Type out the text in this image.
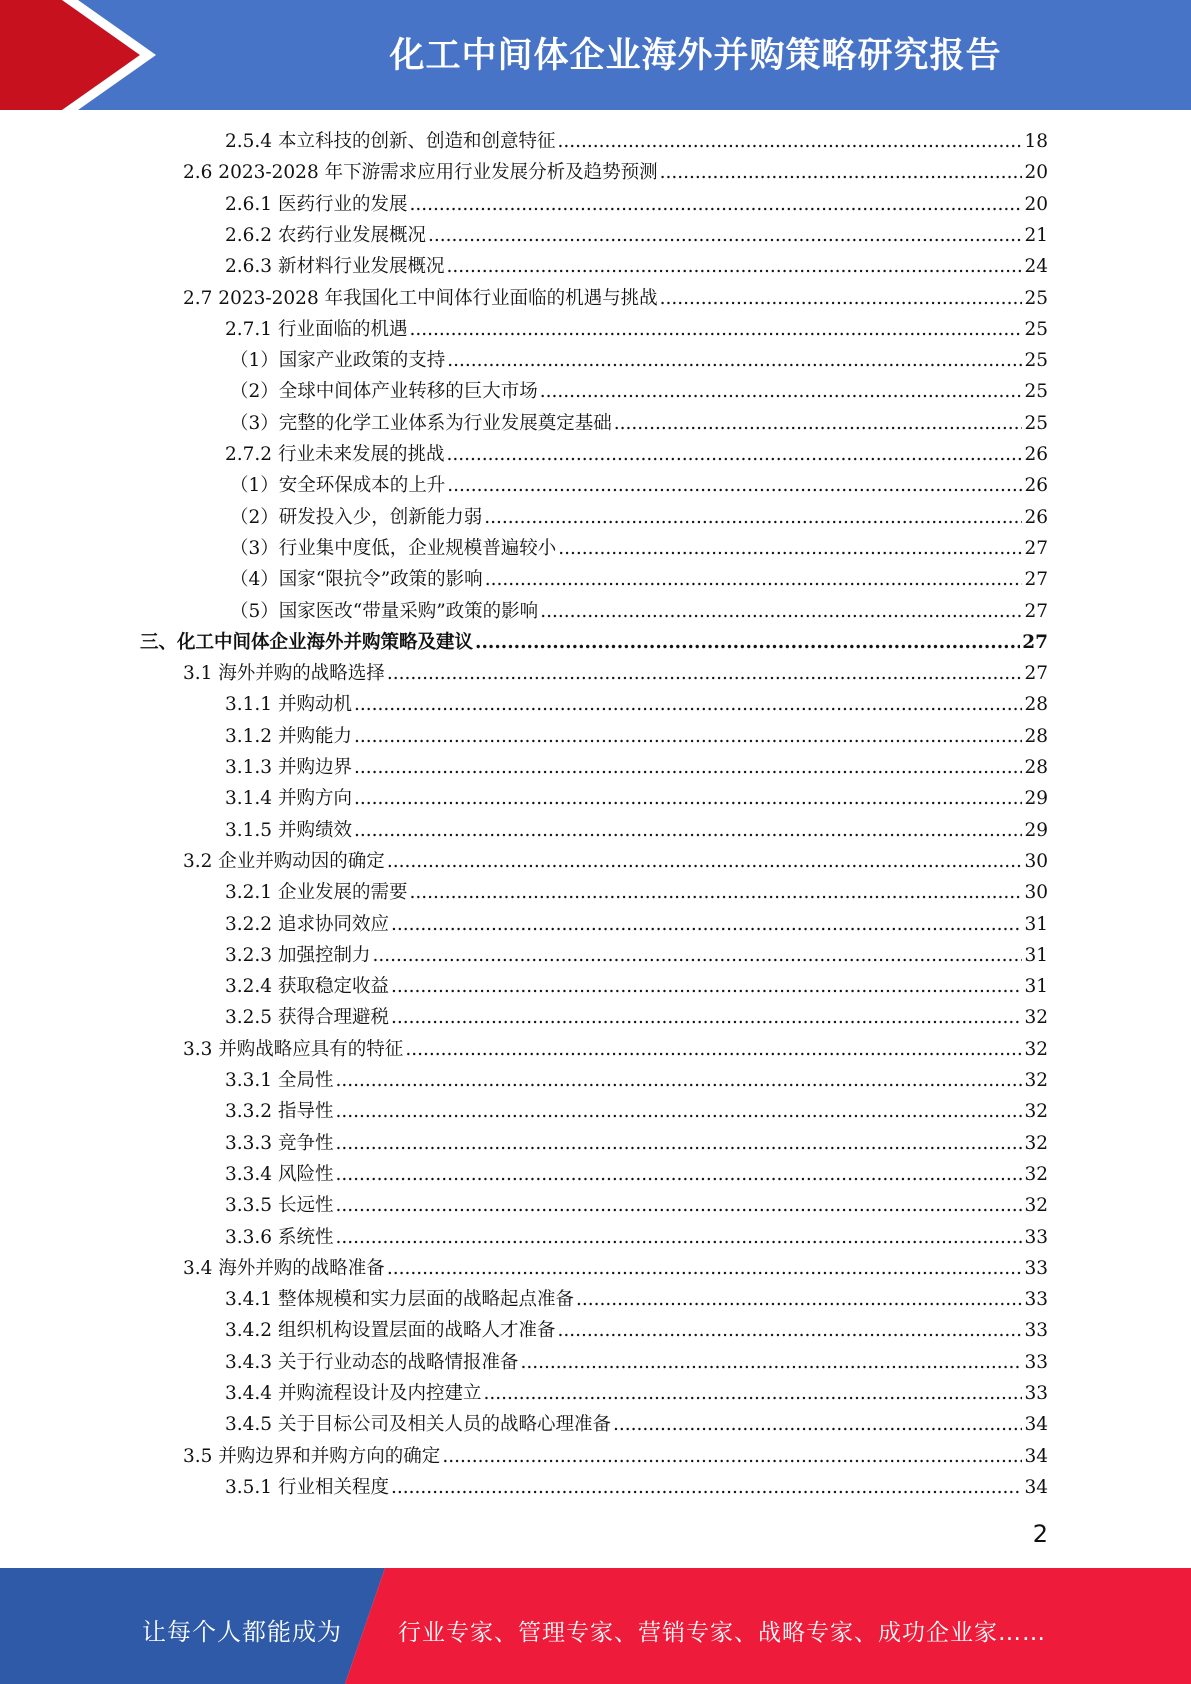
化工中间体企业海外并购策略研究报告
2.5.4 本立科技的创新、创造和创意特征 .....	18
2.6 2023-2028 年下游需求应用行业发展分析及趋势预测 .....	20
2.6.1 医药行业的发展 .....	20
2.6.2 农药行业发展概况 .....	21
2.6.3 新材料行业发展概况 .....	24
2.7 2023-2028 年我国化工中间体行业面临的机遇与挑战 .....	25
2.7.1 行业面临的机遇 .....	25
（1）国家产业政策的支持 .....	25
（2）全球中间体产业转移的巨大市场 .....	25
（3）完整的化学工业体系为行业发展奠定基础 .....	25
2.7.2 行业未来发展的挑战 .....	26
（1）安全环保成本的上升 .....	26
（2）研发投入少，创新能力弱 .....	26
（3）行业集中度低，企业规模普遍较小 .....	27
（4）国家“限抗令”政策的影响 .....	27
（5）国家医改“带量采购”政策的影响 .....	27
三、化工中间体企业海外并购策略及建议 .....	27
3.1 海外并购的战略选择 .....	27
3.1.1 并购动机 .....	28
3.1.2 并购能力 .....	28
3.1.3 并购边界 .....	28
3.1.4 并购方向 .....	29
3.1.5 并购绩效 .....	29
3.2 企业并购动因的确定 .....	30
3.2.1 企业发展的需要 .....	30
3.2.2 追求协同效应 .....	31
3.2.3 加强控制力 .....	31
3.2.4 获取稳定收益 .....	31
3.2.5 获得合理避税 .....	32
3.3 并购战略应具有的特征 .....	32
3.3.1 全局性 .....	32
3.3.2 指导性 .....	32
3.3.3 竞争性 .....	32
3.3.4 风险性 .....	32
3.3.5 长远性 .....	32
3.3.6 系统性 .....	33
3.4 海外并购的战略准备 .....	33
3.4.1 整体规模和实力层面的战略起点准备 .....	33
3.4.2 组织机构设置层面的战略人才准备 .....	33
3.4.3 关于行业动态的战略情报准备 .....	33
3.4.4 并购流程设计及内控建立 .....	33
3.4.5 关于目标公司及相关人员的战略心理准备 .....	34
3.5 并购边界和并购方向的确定 .....	34
3.5.1 行业相关程度 .....	34
2
让每个人都能成为 行业专家、管理专家、营销专家、战略专家、成功企业家……
